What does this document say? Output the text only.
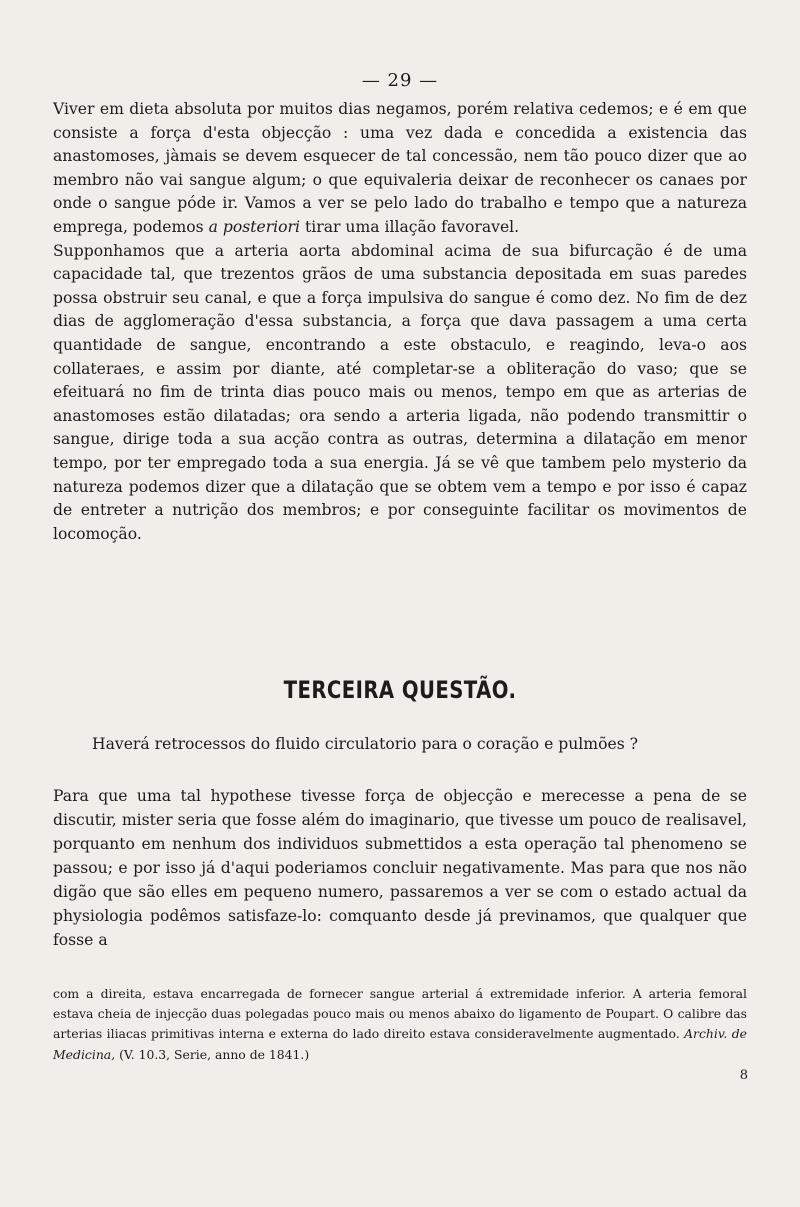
— 29 —

Viver em dieta absoluta por muitos dias negamos, porém relativa cedemos; e é em que consiste a força d'esta objecção : uma vez dada e concedida a existencia das anastomoses, jàmais se devem esquecer de tal concessão, nem tão pouco dizer que ao membro não vai sangue algum; o que equivaleria deixar de reconhecer os canaes por onde o sangue póde ir. Vamos a ver se pelo lado do trabalho e tempo que a natureza emprega, podemos a posteriori tirar uma illação favoravel.

Supponhamos que a arteria aorta abdominal acima de sua bifurcação é de uma capacidade tal, que trezentos grãos de uma substancia depositada em suas paredes possa obstruir seu canal, e que a força impulsiva do sangue é como dez. No fim de dez dias de agglomeração d'essa substancia, a força que dava passagem a uma certa quantidade de sangue, encontrando a este obstaculo, e reagindo, leva-o aos collateraes, e assim por diante, até completar-se a obliteração do vaso; que se efeituará no fim de trinta dias pouco mais ou menos, tempo em que as arterias de anastomoses estão dilatadas; ora sendo a arteria ligada, não podendo transmittir o sangue, dirige toda a sua acção contra as outras, determina a dilatação em menor tempo, por ter empregado toda a sua energia. Já se vê que tambem pelo mysterio da natureza podemos dizer que a dilatação que se obtem vem a tempo e por isso é capaz de entreter a nutrição dos membros; e por conseguinte facilitar os movimentos de locomoção.

TERCEIRA QUESTÃO.
Haverá retrocessos do fluido circulatorio para o coração e pulmões ?

Para que uma tal hypothese tivesse força de objecção e merecesse a pena de se discutir, mister seria que fosse além do imaginario, que tivesse um pouco de realisavel, porquanto em nenhum dos individuos submettidos a esta operação tal phenomeno se passou; e por isso já d'aqui poderiamos concluir negativamente. Mas para que nos não digão que são elles em pequeno numero, passaremos a ver se com o estado actual da physiologia podêmos satisfaze-lo: comquanto desde já previnamos, que qualquer que fosse a

com a direita, estava encarregada de fornecer sangue arterial á extremidade inferior. A arteria femoral estava cheia de injecção duas polegadas pouco mais ou menos abaixo do ligamento de Poupart. O calibre das arterias iliacas primitivas interna e externa do lado direito estava consideravelmente augmentado. Archiv. de Medicina, (V. 10.3, Serie, anno de 1841.)

8
